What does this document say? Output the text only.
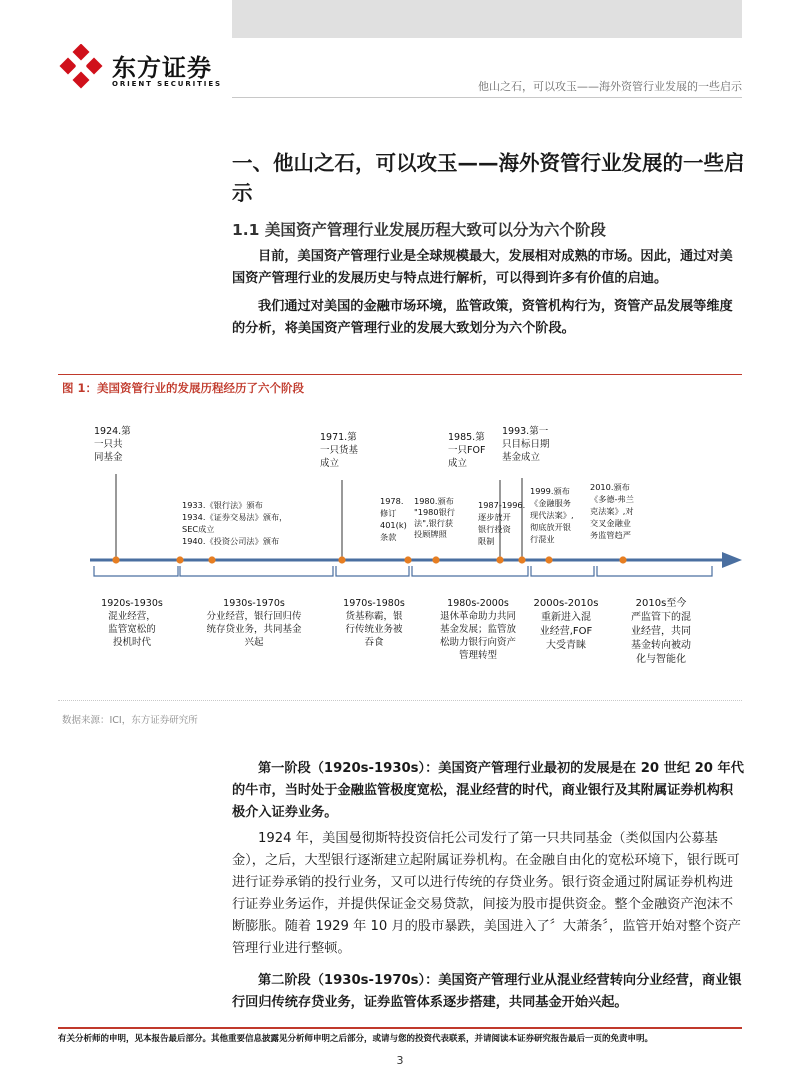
东方证券
ORIENT SECURITIES	他山之石，可以攻玉——海外资管行业发展的一些启示
一、他山之石，可以攻玉——海外资管行业发展的一些启示
1.1 美国资产管理行业发展历程大致可以分为六个阶段
目前，美国资产管理行业是全球规模最大，发展相对成熟的市场。因此，通过对美国资产管理行业的发展历史与特点进行解析，可以得到许多有价值的启迪。
我们通过对美国的金融市场环境，监管政策，资管机构行为，资管产品发展等维度的分析，将美国资产管理行业的发展大致划分为六个阶段。
图 1：美国资管行业的发展历程经历了六个阶段
1924.第一只共同基金
1933.《银行法》颁布 1934.《证券交易法》颁布， SEC成立 1940.《投资公司法》颁布
1971.第一只货基成立
1978.修订 401(k)条款
1980.颁布"1980银行法",银行获投顾牌照
1985.第一只FOF 成立
1987-1996.逐步放开银行投资限制
1993.第一只目标日期基金成立
1999.颁布《金融服务现代法案》,彻底放开银行混业
2010.颁布《多德-弗兰克法案》,对交叉金融业务监管趋严
1920s-1930s 混业经营，监管宽松的投机时代
1930s-1970s 分业经营，银行回归传统存贷业务，共同基金兴起
1970s-1980s 货基称霸，银行传统业务被吞食
1980s-2000s 退休革命助力共同基金发展；监管放松助力银行向资产管理转型
2000s-2010s 重新进入混业经营,FOF 大受青睐
2010s至今严监管下的混业经营，共同基金转向被动化与智能化
数据来源：ICI，东方证券研究所
第一阶段（1920s-1930s）：美国资产管理行业最初的发展是在 20 世纪 20 年代的牛市，当时处于金融监管极度宽松，混业经营的时代，商业银行及其附属证券机构积极介入证券业务。
1924 年，美国曼彻斯特投资信托公司发行了第一只共同基金（类似国内公募基金），之后，大型银行逐渐建立起附属证券机构。在金融自由化的宽松环境下，银行既可进行证券承销的投行业务，又可以进行传统的存贷业务。银行资金通过附属证券机构进行证券业务运作，并提供保证金交易贷款，间接为股市提供资金。整个金融资产泡沫不断膨胀。随着 1929 年 10 月的股市暴跌，美国进入了〞大萧条〞，监管开始对整个资产管理行业进行整顿。
第二阶段（1930s-1970s）：美国资产管理行业从混业经营转向分业经营，商业银行回归传统存贷业务，证券监管体系逐步搭建，共同基金开始兴起。
有关分析师的申明，见本报告最后部分。其他重要信息披露见分析师申明之后部分，或请与您的投资代表联系，并请阅读本证券研究报告最后一页的免责申明。
3
